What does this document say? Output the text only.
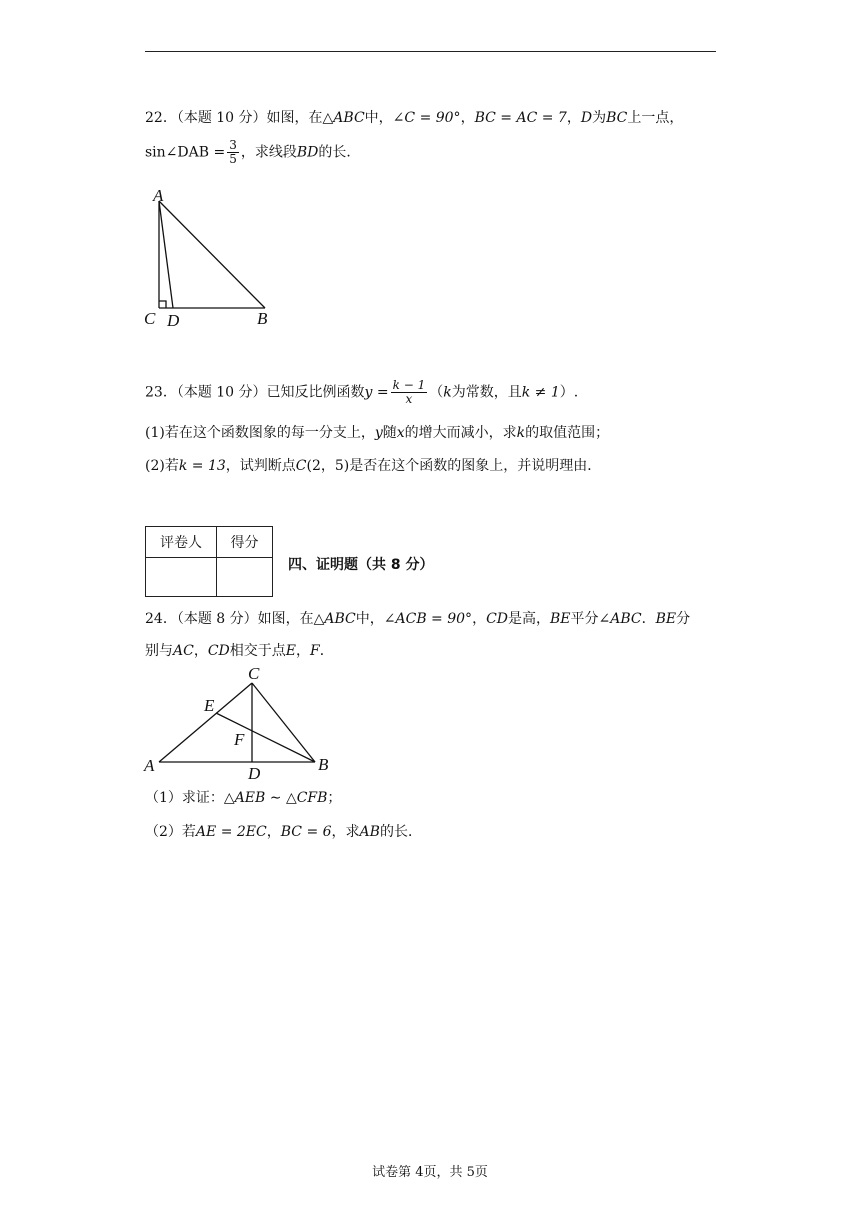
22．（本题 10 分）如图，在△ABC中，∠C = 90°，BC = AC = 7，D为BC上一点，
sin∠DAB = $\frac{3}{5}$ ，求线段BD的长．
A
C D	B
23．（本题 10 分）已知反比例函数$y = \frac{k - 1}{x} (k$为常数，且k ≠ 1）.
(1)若在这个函数图象的每一分支上，y随x的增大而减小，求k的取值范围；
(2)若k = 13，试判断点C(2，5)是否在这个函数的图象上，并说明理由．
评卷人	得分

四、证明题（共 8 分）
24．（本题 8 分）如图，在△ABC中，∠ACB = 90°，CD是高，BE平分∠ABC．BE分
别与AC，CD相交于点E，F．
C
E
F
A	D	B
（1）求证：△AEB ∼ △CFB；
（2）若AE = 2EC，BC = 6，求AB的长．
试卷第 4页，共 5页
